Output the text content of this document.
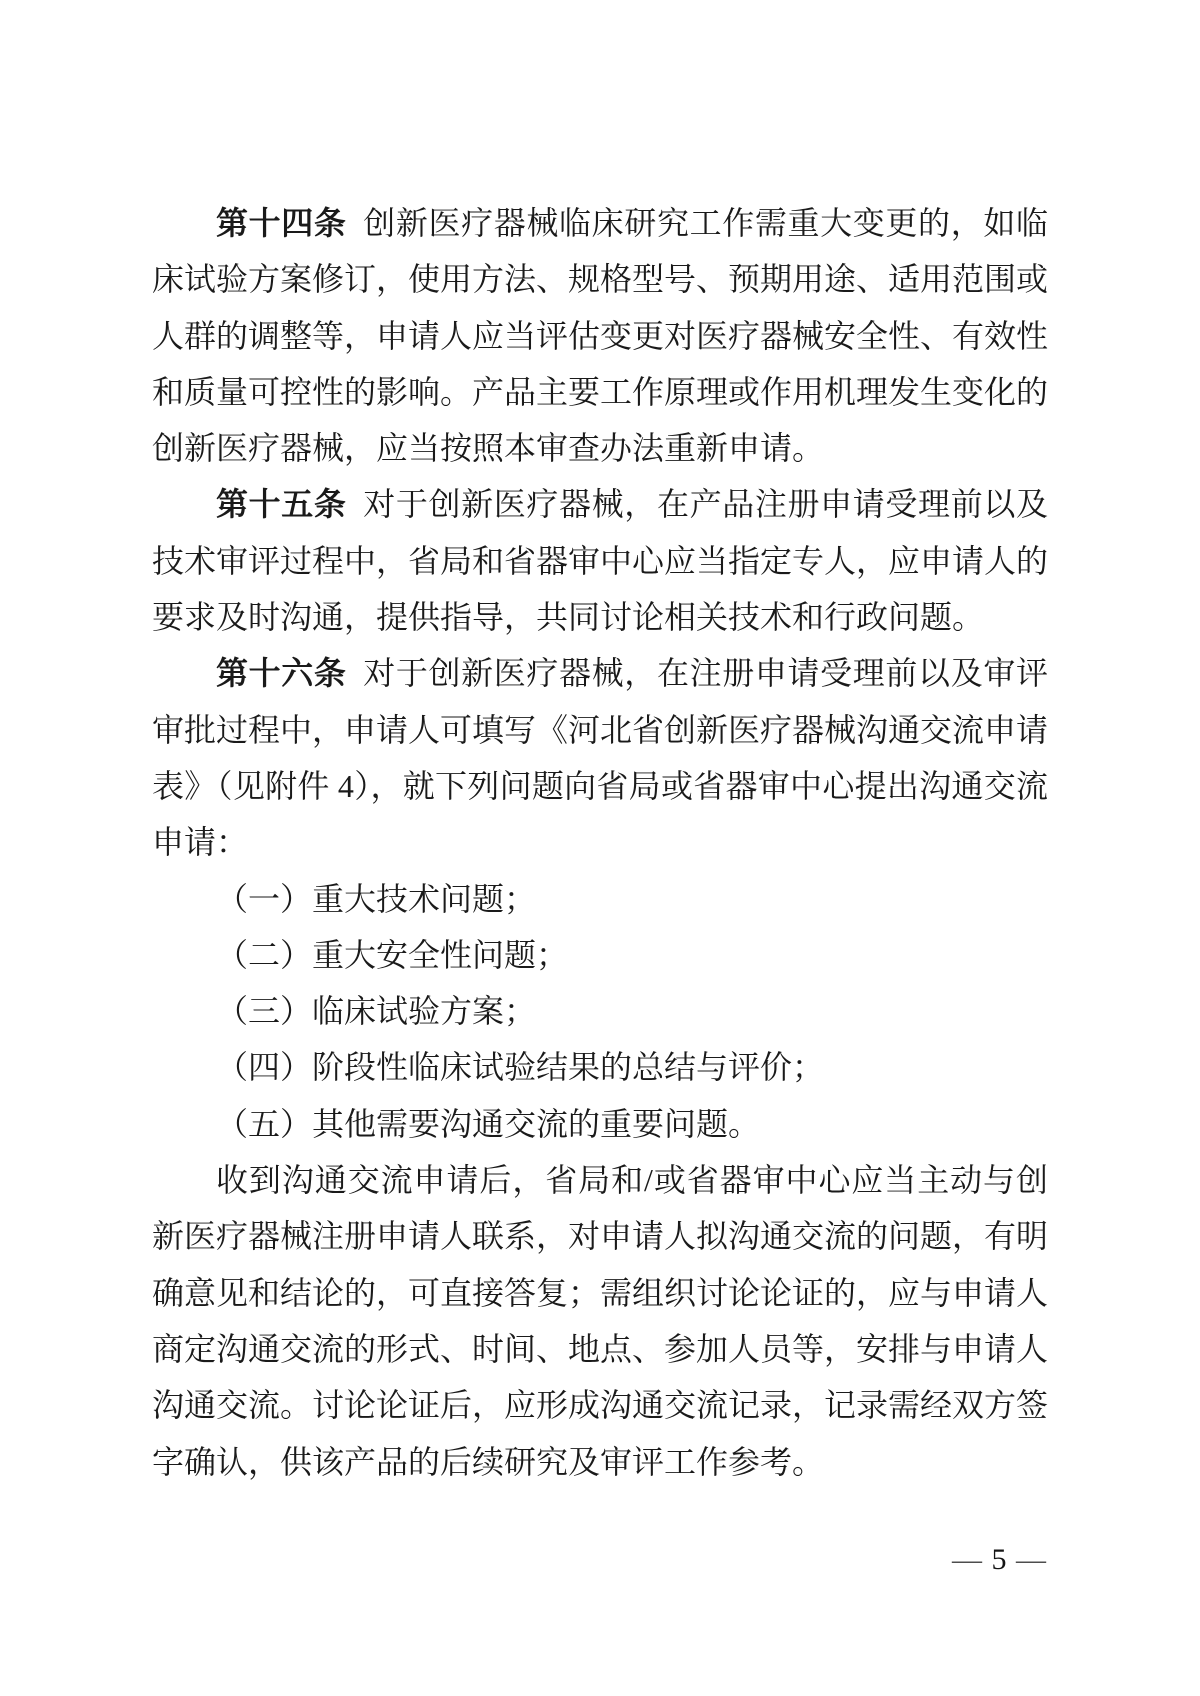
第十四条 创新医疗器械临床研究工作需重大变更的，如临床试验方案修订，使用方法、规格型号、预期用途、适用范围或人群的调整等，申请人应当评估变更对医疗器械安全性、有效性和质量可控性的影响。产品主要工作原理或作用机理发生变化的创新医疗器械，应当按照本审查办法重新申请。

第十五条 对于创新医疗器械，在产品注册申请受理前以及技术审评过程中，省局和省器审中心应当指定专人，应申请人的要求及时沟通，提供指导，共同讨论相关技术和行政问题。

第十六条 对于创新医疗器械，在注册申请受理前以及审评审批过程中，申请人可填写《河北省创新医疗器械沟通交流申请表》（见附件 4），就下列问题向省局或省器审中心提出沟通交流申请：

（一）重大技术问题；

（二）重大安全性问题；

（三）临床试验方案；

（四）阶段性临床试验结果的总结与评价；

（五）其他需要沟通交流的重要问题。

收到沟通交流申请后，省局和/或省器审中心应当主动与创新医疗器械注册申请人联系，对申请人拟沟通交流的问题，有明确意见和结论的，可直接答复；需组织讨论论证的，应与申请人商定沟通交流的形式、时间、地点、参加人员等，安排与申请人沟通交流。讨论论证后，应形成沟通交流记录，记录需经双方签字确认，供该产品的后续研究及审评工作参考。

— 5 —
